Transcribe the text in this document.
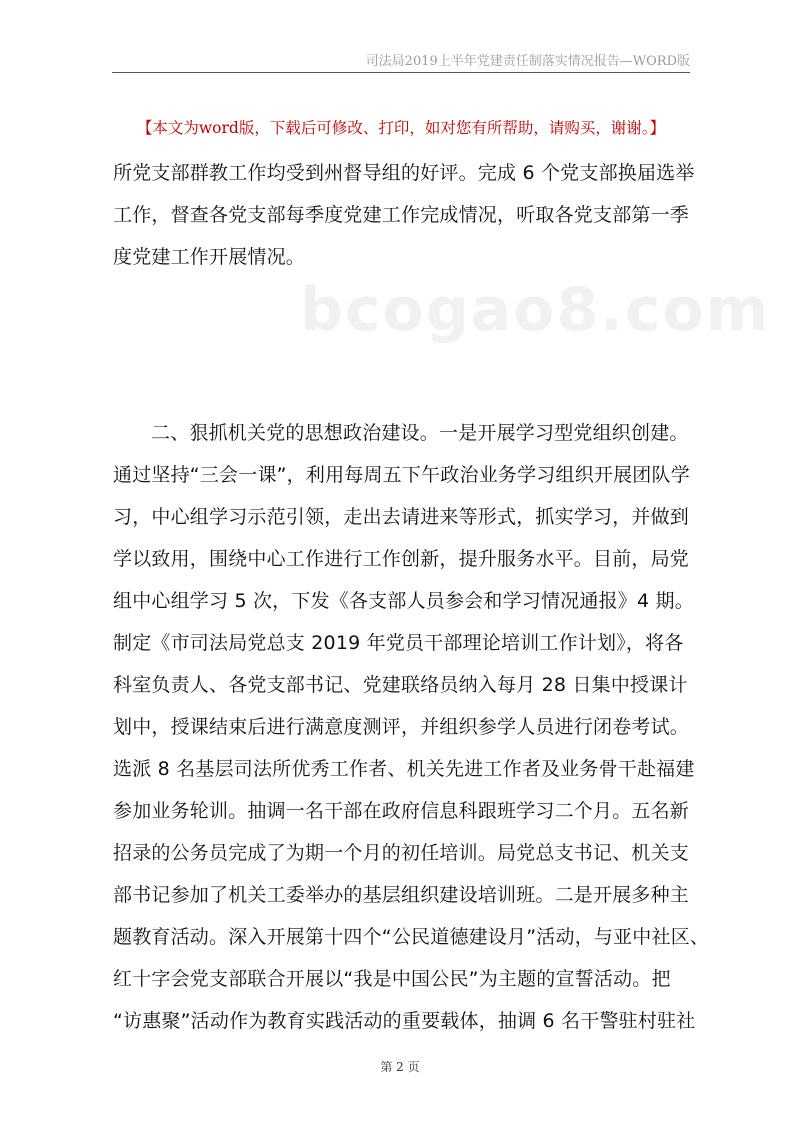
司法局2019上半年党建责任制落实情况报告—WORD版
【本文为word版，下载后可修改、打印，如对您有所帮助，请购买，谢谢。】
bcogao8.com
所党支部群教工作均受到州督导组的好评。完成 6 个党支部换届选举
工作，督查各党支部每季度党建工作完成情况，听取各党支部第一季
度党建工作开展情况。
二、狠抓机关党的思想政治建设。一是开展学习型党组织创建。
通过坚持“三会一课”，利用每周五下午政治业务学习组织开展团队学
习，中心组学习示范引领，走出去请进来等形式，抓实学习，并做到
学以致用，围绕中心工作进行工作创新，提升服务水平。目前，局党
组中心组学习 5 次，下发《各支部人员参会和学习情况通报》4 期。
制定《市司法局党总支 2019 年党员干部理论培训工作计划》，将各
科室负责人、各党支部书记、党建联络员纳入每月 28 日集中授课计
划中，授课结束后进行满意度测评，并组织参学人员进行闭卷考试。
选派 8 名基层司法所优秀工作者、机关先进工作者及业务骨干赴福建
参加业务轮训。抽调一名干部在政府信息科跟班学习二个月。五名新
招录的公务员完成了为期一个月的初任培训。局党总支书记、机关支
部书记参加了机关工委举办的基层组织建设培训班。二是开展多种主
题教育活动。深入开展第十四个“公民道德建设月”活动，与亚中社区、
红十字会党支部联合开展以“我是中国公民”为主题的宣誓活动。把
“访惠聚”活动作为教育实践活动的重要载体，抽调 6 名干警驻村驻社
第 2 页
